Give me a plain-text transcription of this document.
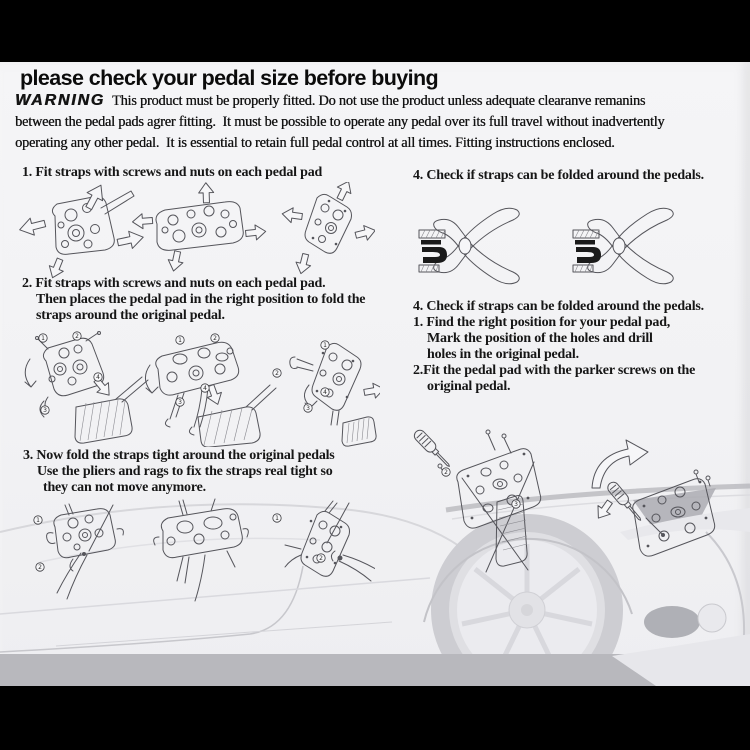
please check your pedal size before buying
WARNING This product must be properly fitted. Do not use the product unless adequate clearanve remanins
between the pedal pads agrer fitting.  It must be possible to operate any pedal over its full travel without inadvertently
operating any other pedal.  It is essential to retain full pedal control at all times. Fitting instructions enclosed.
1. Fit straps with screws and nuts on each pedal pad
2. Fit straps with screws and nuts on each pedal pad.
Then places the pedal pad in the right position to fold the
straps around the original pedal.
3. Now fold the straps tight around the original pedals
Use the pliers and rags to fix the straps real tight so
they can not move anymore.
4. Check if straps can be folded around the pedals.
4. Check if straps can be folded around the pedals.
1. Find the right position for your pedal pad,
Mark the position of the holes and drill
holes in the original pedal.
2.Fit the pedal pad with the parker screws on the
original pedal.
1	2
3
4
1	2
3
4
1
2
3
4
1
2
1
2
2
3
